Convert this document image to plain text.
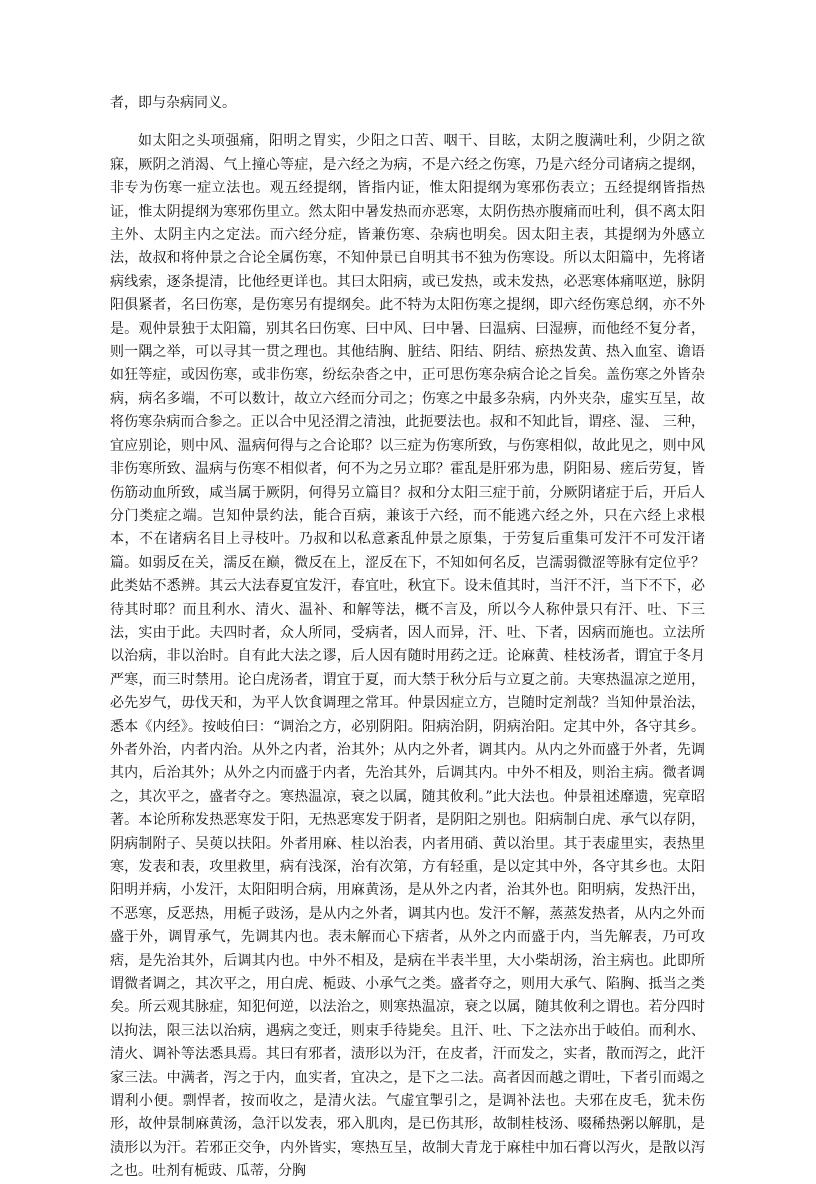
者，即与杂病同义。

如太阳之头项强痛，阳明之胃实，少阳之口苦、咽干、目眩，太阴之腹满吐利，少阴之欲寐，厥阴之消渴、气上撞心等症，是六经之为病，不是六经之伤寒，乃是六经分司诸病之提纲，非专为伤寒一症立法也。观五经提纲，皆指内证，惟太阳提纲为寒邪伤表立；五经提纲皆指热证，惟太阴提纲为寒邪伤里立。然太阳中暑发热而亦恶寒，太阴伤热亦腹痛而吐利，俱不离太阳主外、太阴主内之定法。而六经分症，皆兼伤寒、杂病也明矣。因太阳主表，其提纲为外感立法，故叔和将仲景之合论全属伤寒，不知仲景已自明其书不独为伤寒设。所以太阳篇中，先将诸病线索，逐条提清，比他经更详也。其曰太阳病，或已发热，或未发热，必恶寒体痛呕逆，脉阴阳俱紧者，名曰伤寒，是伤寒另有提纲矣。此不特为太阳伤寒之提纲，即六经伤寒总纲，亦不外是。观仲景独于太阳篇，别其名曰伤寒、曰中风、曰中暑、曰温病、曰湿痹，而他经不复分者，则一隅之举，可以寻其一贯之理也。其他结胸、脏结、阳结、阴结、瘀热发黄、热入血室、谵语如狂等症，或因伤寒，或非伤寒，纷纭杂沓之中，正可思伤寒杂病合论之旨矣。盖伤寒之外皆杂病，病名多端，不可以数计，故立六经而分司之；伤寒之中最多杂病，内外夹杂，虚实互呈，故将伤寒杂病而合参之。正以合中见泾渭之清浊，此扼要法也。叔和不知此旨，谓痉、湿、 三种，宜应别论，则中风、温病何得与之合论耶？以三症为伤寒所致，与伤寒相似，故此见之，则中风非伤寒所致、温病与伤寒不相似者，何不为之另立耶？霍乱是肝邪为患，阴阳易、瘥后劳复，皆伤筋动血所致，咸当属于厥阴，何得另立篇目？叔和分太阳三症于前，分厥阴诸症于后，开后人分门类症之端。岂知仲景约法，能合百病，兼该于六经，而不能逃六经之外，只在六经上求根本，不在诸病名目上寻枝叶。乃叔和以私意紊乱仲景之原集，于劳复后重集可发汗不可发汗诸篇。如弱反在关，濡反在巅，微反在上，涩反在下，不知如何名反，岂濡弱微涩等脉有定位乎？此类姑不悉辨。其云大法春夏宜发汗，春宜吐，秋宜下。设未值其时，当汗不汗，当下不下，必待其时耶？而且利水、清火、温补、和解等法，概不言及，所以今人称仲景只有汗、吐、下三法，实由于此。夫四时者，众人所同，受病者，因人而异，汗、吐、下者，因病而施也。立法所以治病，非以治时。自有此大法之谬，后人因有随时用药之迂。论麻黄、桂枝汤者，谓宜于冬月严寒，而三时禁用。论白虎汤者，谓宜于夏，而大禁于秋分后与立夏之前。夫寒热温凉之逆用，必先岁气，毋伐天和，为平人饮食调理之常耳。仲景因症立方，岂随时定剂哉？当知仲景治法，悉本《内经》。按岐伯曰：“调治之方，必别阴阳。阳病治阴，阴病治阳。定其中外，各守其乡。外者外治，内者内治。从外之内者，治其外；从内之外者，调其内。从内之外而盛于外者，先调其内，后治其外；从外之内而盛于内者，先治其外，后调其内。中外不相及，则治主病。微者调之，其次平之，盛者夺之。寒热温凉，衰之以属，随其攸利。”此大法也。仲景祖述靡遗，宪章昭著。本论所称发热恶寒发于阳，无热恶寒发于阴者，是阴阳之别也。阳病制白虎、承气以存阴，阴病制附子、吴萸以扶阳。外者用麻、桂以治表，内者用硝、黄以治里。其于表虚里实，表热里寒，发表和表，攻里救里，病有浅深，治有次第，方有轻重，是以定其中外，各守其乡也。太阳阳明并病，小发汗，太阳阳明合病，用麻黄汤，是从外之内者，治其外也。阳明病，发热汗出，不恶寒，反恶热，用栀子豉汤，是从内之外者，调其内也。发汗不解，蒸蒸发热者，从内之外而盛于外，调胃承气，先调其内也。表未解而心下痞者，从外之内而盛于内，当先解表，乃可攻痞，是先治其外，后调其内也。中外不相及，是病在半表半里，大小柴胡汤，治主病也。此即所谓微者调之，其次平之，用白虎、栀豉、小承气之类。盛者夺之，则用大承气、陷胸、抵当之类矣。所云观其脉症，知犯何逆，以法治之，则寒热温凉，衰之以属，随其攸利之谓也。若分四时以拘法，限三法以治病，遇病之变迁，则束手待毙矣。且汗、吐、下之法亦出于岐伯。而利水、清火、调补等法悉具焉。其曰有邪者，渍形以为汗，在皮者，汗而发之，实者，散而泻之，此汗家三法。中满者，泻之于内，血实者，宜决之，是下之二法。高者因而越之谓吐，下者引而竭之谓利小便。剽悍者，按而收之，是清火法。气虚宜掣引之，是调补法也。夫邪在皮毛，犹未伤形，故仲景制麻黄汤，急汗以发表，邪入肌肉，是已伤其形，故制桂枝汤、啜稀热粥以解肌，是渍形以为汗。若邪正交争，内外皆实，寒热互呈，故制大青龙于麻桂中加石膏以泻火，是散以泻之也。吐剂有栀豉、瓜蒂，分胸
